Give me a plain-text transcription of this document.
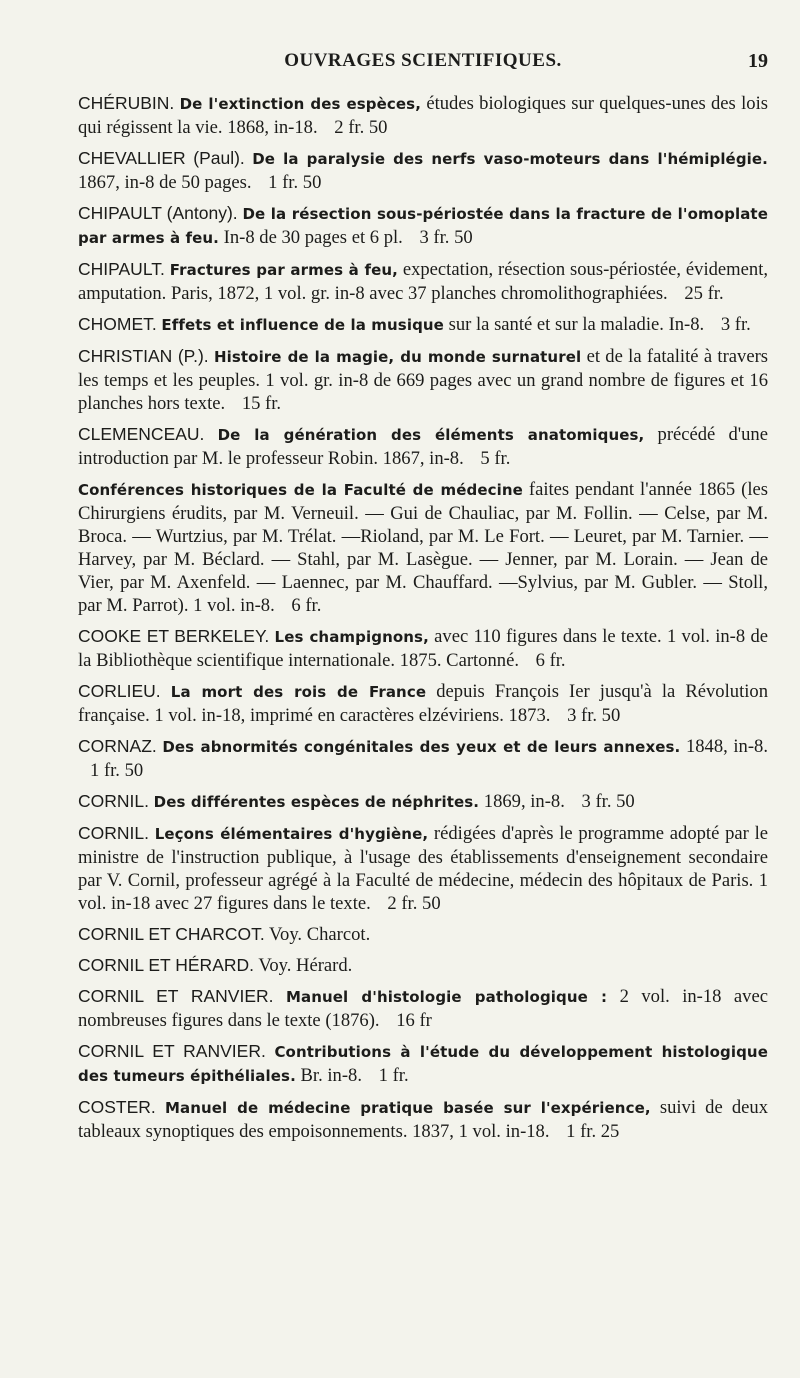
OUVRAGES SCIENTIFIQUES.	19

CHÉRUBIN. De l'extinction des espèces, études biologiques sur quelques-unes des lois qui régissent la vie. 1868, in-18. 2 fr. 50

CHEVALLIER (Paul). De la paralysie des nerfs vaso-moteurs dans l'hémiplégie. 1867, in-8 de 50 pages. 1 fr. 50

CHIPAULT (Antony). De la résection sous-périostée dans la fracture de l'omoplate par armes à feu. In-8 de 30 pages et 6 pl. 3 fr. 50

CHIPAULT. Fractures par armes à feu, expectation, résection sous-périostée, évidement, amputation. Paris, 1872, 1 vol. gr. in-8 avec 37 planches chromolithographiées. 25 fr.

CHOMET. Effets et influence de la musique sur la santé et sur la maladie. In-8. 3 fr.

CHRISTIAN (P.). Histoire de la magie, du monde surnaturel et de la fatalité à travers les temps et les peuples. 1 vol. gr. in-8 de 669 pages avec un grand nombre de figures et 16 planches hors texte. 15 fr.

CLEMENCEAU. De la génération des éléments anatomiques, précédé d'une introduction par M. le professeur Robin. 1867, in-8. 5 fr.

Conférences historiques de la Faculté de médecine faites pendant l'année 1865 (les Chirurgiens érudits, par M. Verneuil. — Gui de Chauliac, par M. Follin. — Celse, par M. Broca. — Wurtzius, par M. Trélat. —Rioland, par M. Le Fort. — Leuret, par M. Tarnier. — Harvey, par M. Béclard. — Stahl, par M. Lasègue. — Jenner, par M. Lorain. — Jean de Vier, par M. Axenfeld. — Laennec, par M. Chauffard. —Sylvius, par M. Gubler. — Stoll, par M. Parrot). 1 vol. in-8. 6 fr.

COOKE ET BERKELEY. Les champignons, avec 110 figures dans le texte. 1 vol. in-8 de la Bibliothèque scientifique internationale. 1875. Cartonné. 6 fr.

CORLIEU. La mort des rois de France depuis François Ier jusqu'à la Révolution française. 1 vol. in-18, imprimé en caractères elzéviriens. 1873. 3 fr. 50

CORNAZ. Des abnormités congénitales des yeux et de leurs annexes. 1848, in-8. 1 fr. 50

CORNIL. Des différentes espèces de néphrites. 1869, in-8. 3 fr. 50

CORNIL. Leçons élémentaires d'hygiène, rédigées d'après le programme adopté par le ministre de l'instruction publique, à l'usage des établissements d'enseignement secondaire par V. Cornil, professeur agrégé à la Faculté de médecine, médecin des hôpitaux de Paris. 1 vol. in-18 avec 27 figures dans le texte. 2 fr. 50

CORNIL ET CHARCOT. Voy. Charcot.

CORNIL ET HÉRARD. Voy. Hérard.

CORNIL ET RANVIER. Manuel d'histologie pathologique : 2 vol. in-18 avec nombreuses figures dans le texte (1876). 16 fr

CORNIL ET RANVIER. Contributions à l'étude du développement histologique des tumeurs épithéliales. Br. in-8. 1 fr.

COSTER. Manuel de médecine pratique basée sur l'expérience, suivi de deux tableaux synoptiques des empoisonnements. 1837, 1 vol. in-18. 1 fr. 25
